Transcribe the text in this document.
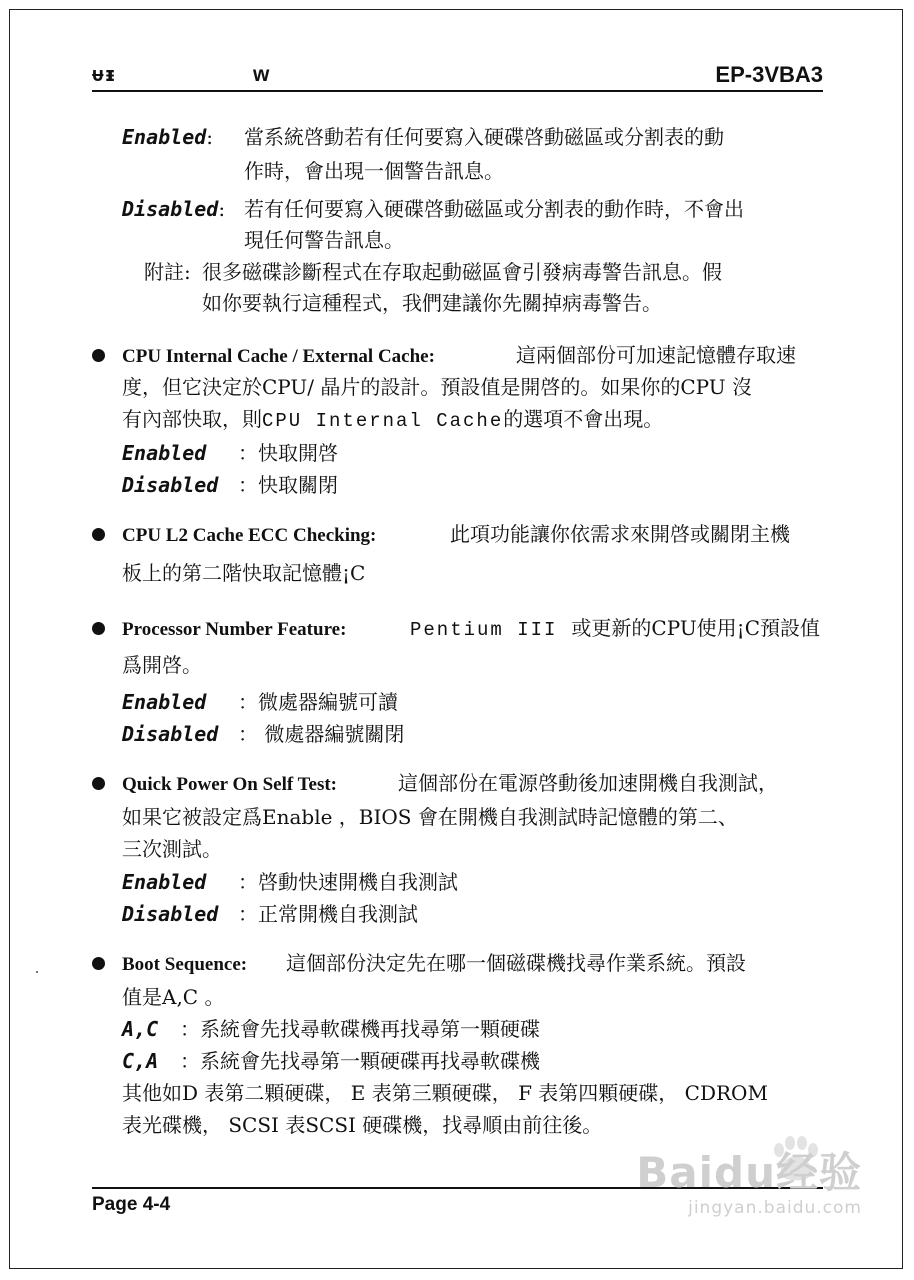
ᵾᵻ	w	EP-3VBA3
Enabled: 當系統啓動若有任何要寫入硬碟啓動磁區或分割表的動
作時，會出現一個警告訊息。
Disabled: 若有任何要寫入硬碟啓動磁區或分割表的動作時，不會出
現任何警告訊息。
附註: 很多磁碟診斷程式在存取起動磁區會引發病毒警告訊息。假
如你要執行這種程式，我們建議你先關掉病毒警告。
CPU Internal Cache / External Cache:	這兩個部份可加速記憶體存取速
度，但它決定於CPU/ 晶片的設計。預設值是開啓的。如果你的CPU 沒
有內部快取，則CPU Internal Cache的選項不會出現。
Enabled ：快取開啓
Disabled ：快取關閉
CPU L2 Cache ECC Checking:	此項功能讓你依需求來開啓或關閉主機
板上的第二階快取記憶體¡C
Processor Number Feature:	Pentium III 或更新的CPU使用¡C預設值
爲開啓。
Enabled ：微處器編號可讀
Disabled ： 微處器編號關閉
Quick Power On Self Test:	這個部份在電源啓動後加速開機自我測試，
如果它被設定爲Enable ，BIOS 會在開機自我測試時記憶體的第二、
三次測試。
Enabled ：啓動快速開機自我測試
Disabled ：正常開機自我測試
Boot Sequence: 這個部份決定先在哪一個磁碟機找尋作業系統。預設
值是A,C 。
A,C ：系統會先找尋軟碟機再找尋第一顆硬碟
C,A ：系統會先找尋第一顆硬碟再找尋軟碟機
其他如D 表第二顆硬碟， E 表第三顆硬碟， F 表第四顆硬碟， CDROM
表光碟機， SCSI 表SCSI 硬碟機，找尋順由前往後。
Page 4-4
Baidu经验
jingyan.baidu.com
